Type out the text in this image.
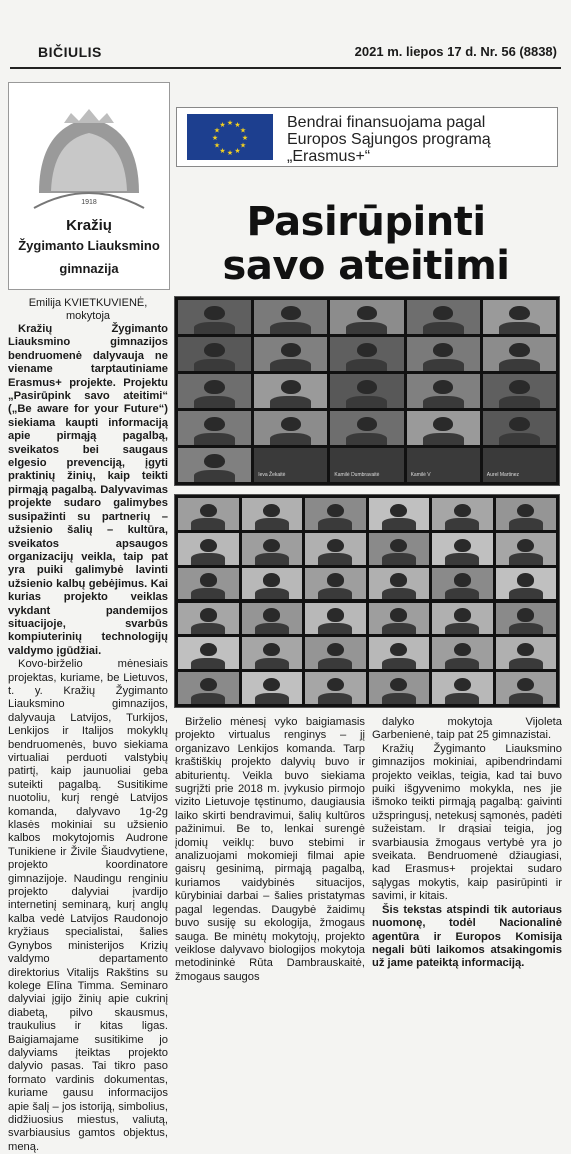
BIČIULIS	2021 m. liepos 17 d. Nr. 56 (8838)
1918
Kražių
Žygimanto Liauksmino
gimnazija
★
★
★
★
★
★
★
★
★ ★ ★
★	Bendrai finansuojama pagal
Europos Sąjungos programą
„Erasmus+“
Pasirūpinti
savo ateitimi
Emilija KVIETKUVIENĖ,
mokytoja

Kražių Žygimanto Liauksmino gimnazijos bendruomenė dalyvauja ne viename tarptautiniame Erasmus+ projekte. Projektu „Pasirūpink savo ateitimi“ („Be aware for your Future“) siekiama kaupti informaciją apie pirmąją pagalbą, sveikatos bei saugaus elgesio prevenciją, įgyti praktinių žinių, kaip teikti pirmąją pagalbą. Dalyvavimas projekte sudaro galimybes susipažinti su partnerių – užsienio šalių – kultūra, sveikatos apsaugos organizacijų veikla, taip pat yra puiki galimybė lavinti užsienio kalbų gebėjimus. Kai kurias projekto veiklas vykdant pandemijos situacijoje, svarbūs kompiuterinių technologijų valdymo įgūdžiai.

Kovo-birželio mėnesiais projektas, kuriame, be Lietuvos, t. y. Kražių Žygimanto Liauksmino gimnazijos, dalyvauja Latvijos, Turkijos, Lenkijos ir Italijos mokyklų bendruomenės, buvo siekiama virtualiai perduoti valstybių patirtį, kaip jaunuoliai geba suteikti pagalbą. Susitikime nuotoliu, kurį rengė Latvijos komanda, dalyvavo 1g-2g klasės mokiniai su užsienio kalbos mokytojomis Audrone Tunikiene ir Živile Šiaudvytiene, projekto koordinatore gimnazijoje. Naudingu renginiu projekto dalyviai įvardijo internetinį seminarą, kurį anglų kalba vedė Latvijos Raudonojo kryžiaus specialistai, šalies Gynybos ministerijos Krizių valdymo departamento direktorius Vitalijs Rakštins su kolege Elīna Timma. Seminaro dalyviai įgijo žinių apie cukrinį diabetą, pilvo skausmus, traukulius ir kitas ligas. Baigiamajame susitikime jo dalyviams įteiktas projekto dalyvio pasas. Tai tikro paso formato vardinis dokumentas, kuriame gausu informacijos apie šalį – jos istoriją, simbolius, didžiuosius miestus, valiutą, svarbiausius gamtos objektus, meną.

Birželio mėnesį vyko baigiamasis projekto virtualus renginys – jį organizavo Lenkijos komanda. Tarp kraštiškių projekto dalyvių buvo ir abiturientų. Veikla buvo siekiama sugrįžti prie 2018 m. įvykusio pirmojo vizito Lietuvoje tęstinumo, daugiausia laiko skirti bendravimui, šalių kultūros pažinimui. Be to, lenkai surengė įdomių veiklų: buvo stebimi ir analizuojami mokomieji filmai apie gaisrų gesinimą, pirmąją pagalbą, kuriamos vaidybinės situacijos, kūrybiniai darbai – šalies pristatymas pagal legendas. Daugybė žaidimų buvo susiję su ekologija, žmogaus sauga. Be minėtų mokytojų, projekto veiklose dalyvavo biologijos mokytoja metodininkė Rūta Dambrauskaitė, žmogaus saugos

dalyko mokytoja Vijoleta Garbenienė, taip pat 25 gimnazistai.

Kražių Žygimanto Liauksmino gimnazijos mokiniai, apibendrindami projekto veiklas, teigia, kad tai buvo puiki išgyvenimo mokykla, nes jie išmoko teikti pirmąją pagalbą: gaivinti užspringusį, netekusį sąmonės, padėti sužeistam. Ir drąsiai teigia, jog svarbiausia žmogaus vertybė yra jo sveikata. Bendruomenė džiaugiasi, kad Erasmus+ projektai sudaro sąlygas mokytis, kaip pasirūpinti ir savimi, ir kitais.

Šis tekstas atspindi tik autoriaus nuomonę, todėl Nacionalinė agentūra ir Europos Komisija negali būti laikomos atsakingomis už jame pateiktą informaciją.

Ieva Žekaitė	Kamilė Dumbravaitė	Kamilė V	Aurel Martinez
